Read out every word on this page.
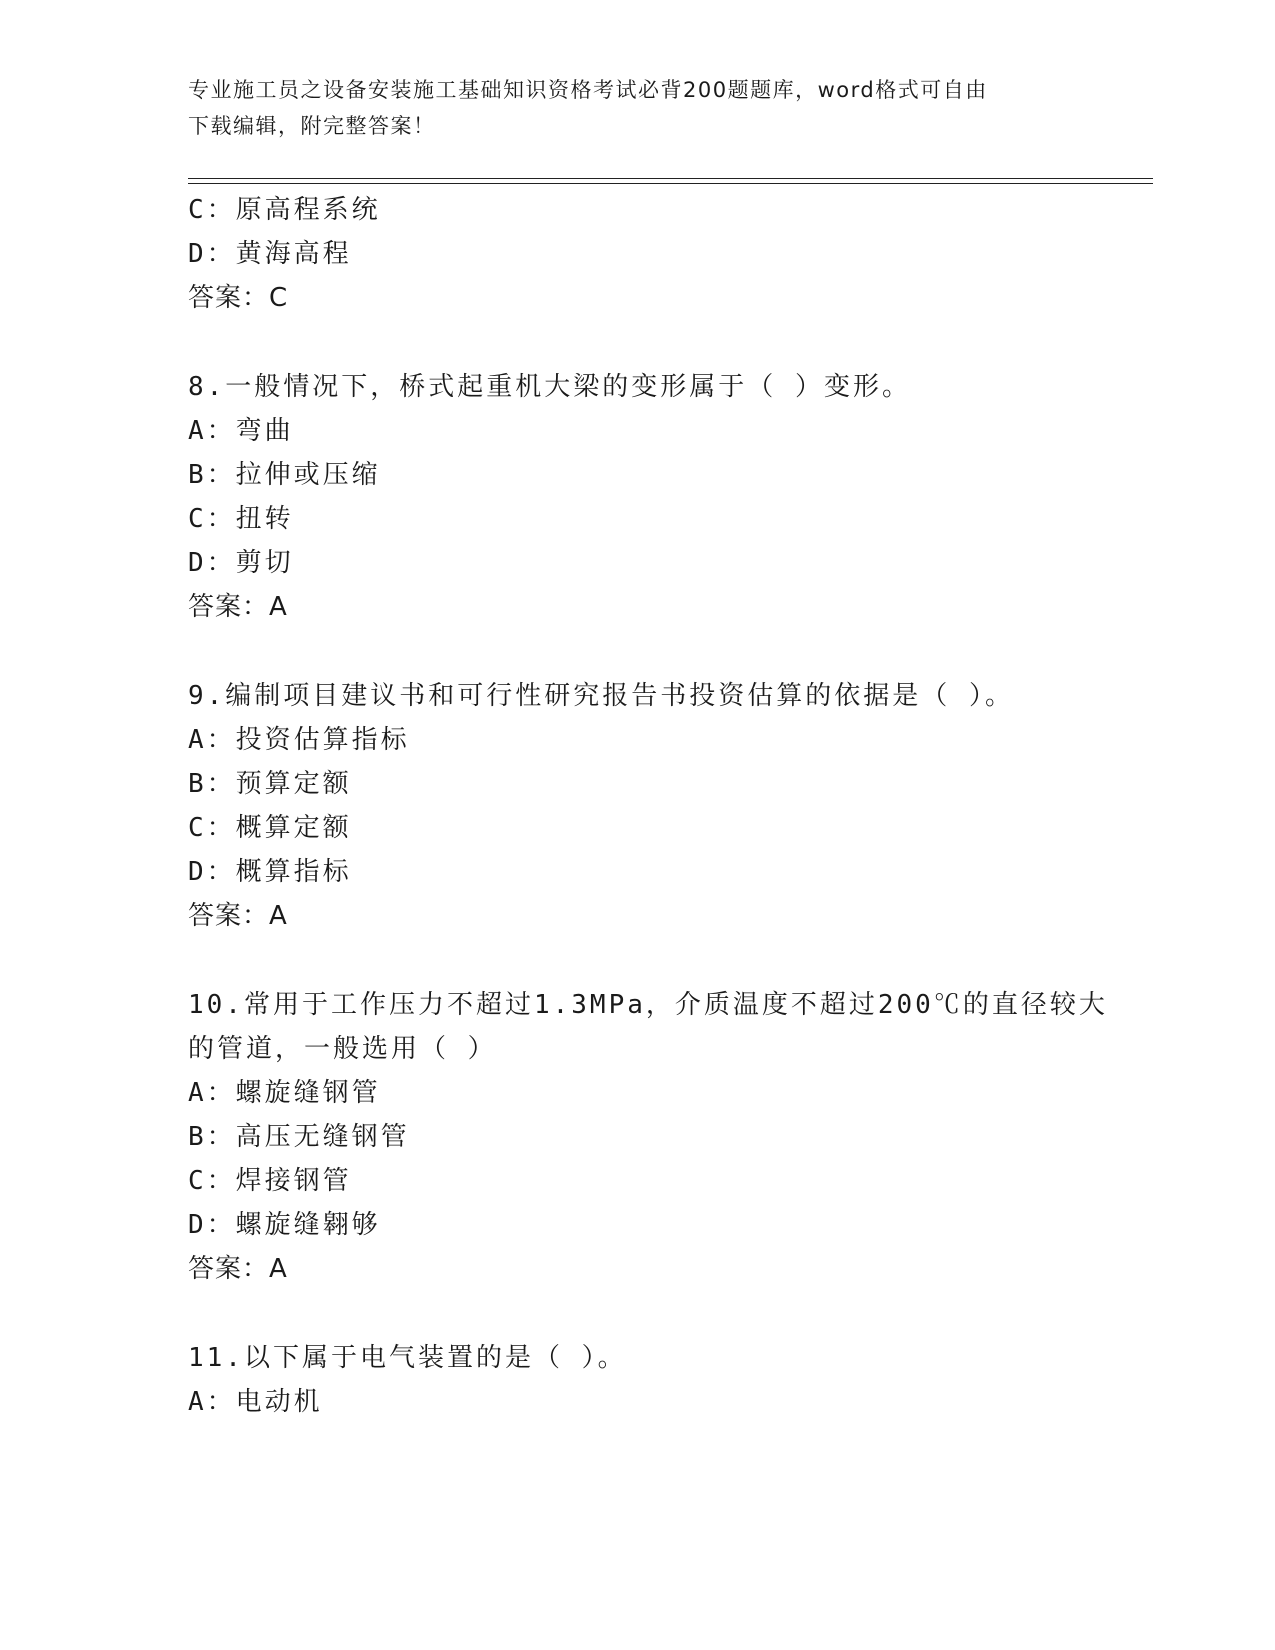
专业施工员之设备安装施工基础知识资格考试必背200题题库，word格式可自由
下载编辑，附完整答案！
C：原高程系统
D：黄海高程
答案：C
8.一般情况下，桥式起重机大梁的变形属于（ ）变形。
A：弯曲
B：拉伸或压缩
C：扭转
D：剪切
答案：A
9.编制项目建议书和可行性研究报告书投资估算的依据是（ ）。
A：投资估算指标
B：预算定额
C：概算定额
D：概算指标
答案：A
10.常用于工作压力不超过1.3MPa，介质温度不超过200℃的直径较大
的管道，一般选用（ ）
A：螺旋缝钢管
B：高压无缝钢管
C：焊接钢管
D：螺旋缝翱够
答案：A
11.以下属于电气装置的是（ ）。
A：电动机
